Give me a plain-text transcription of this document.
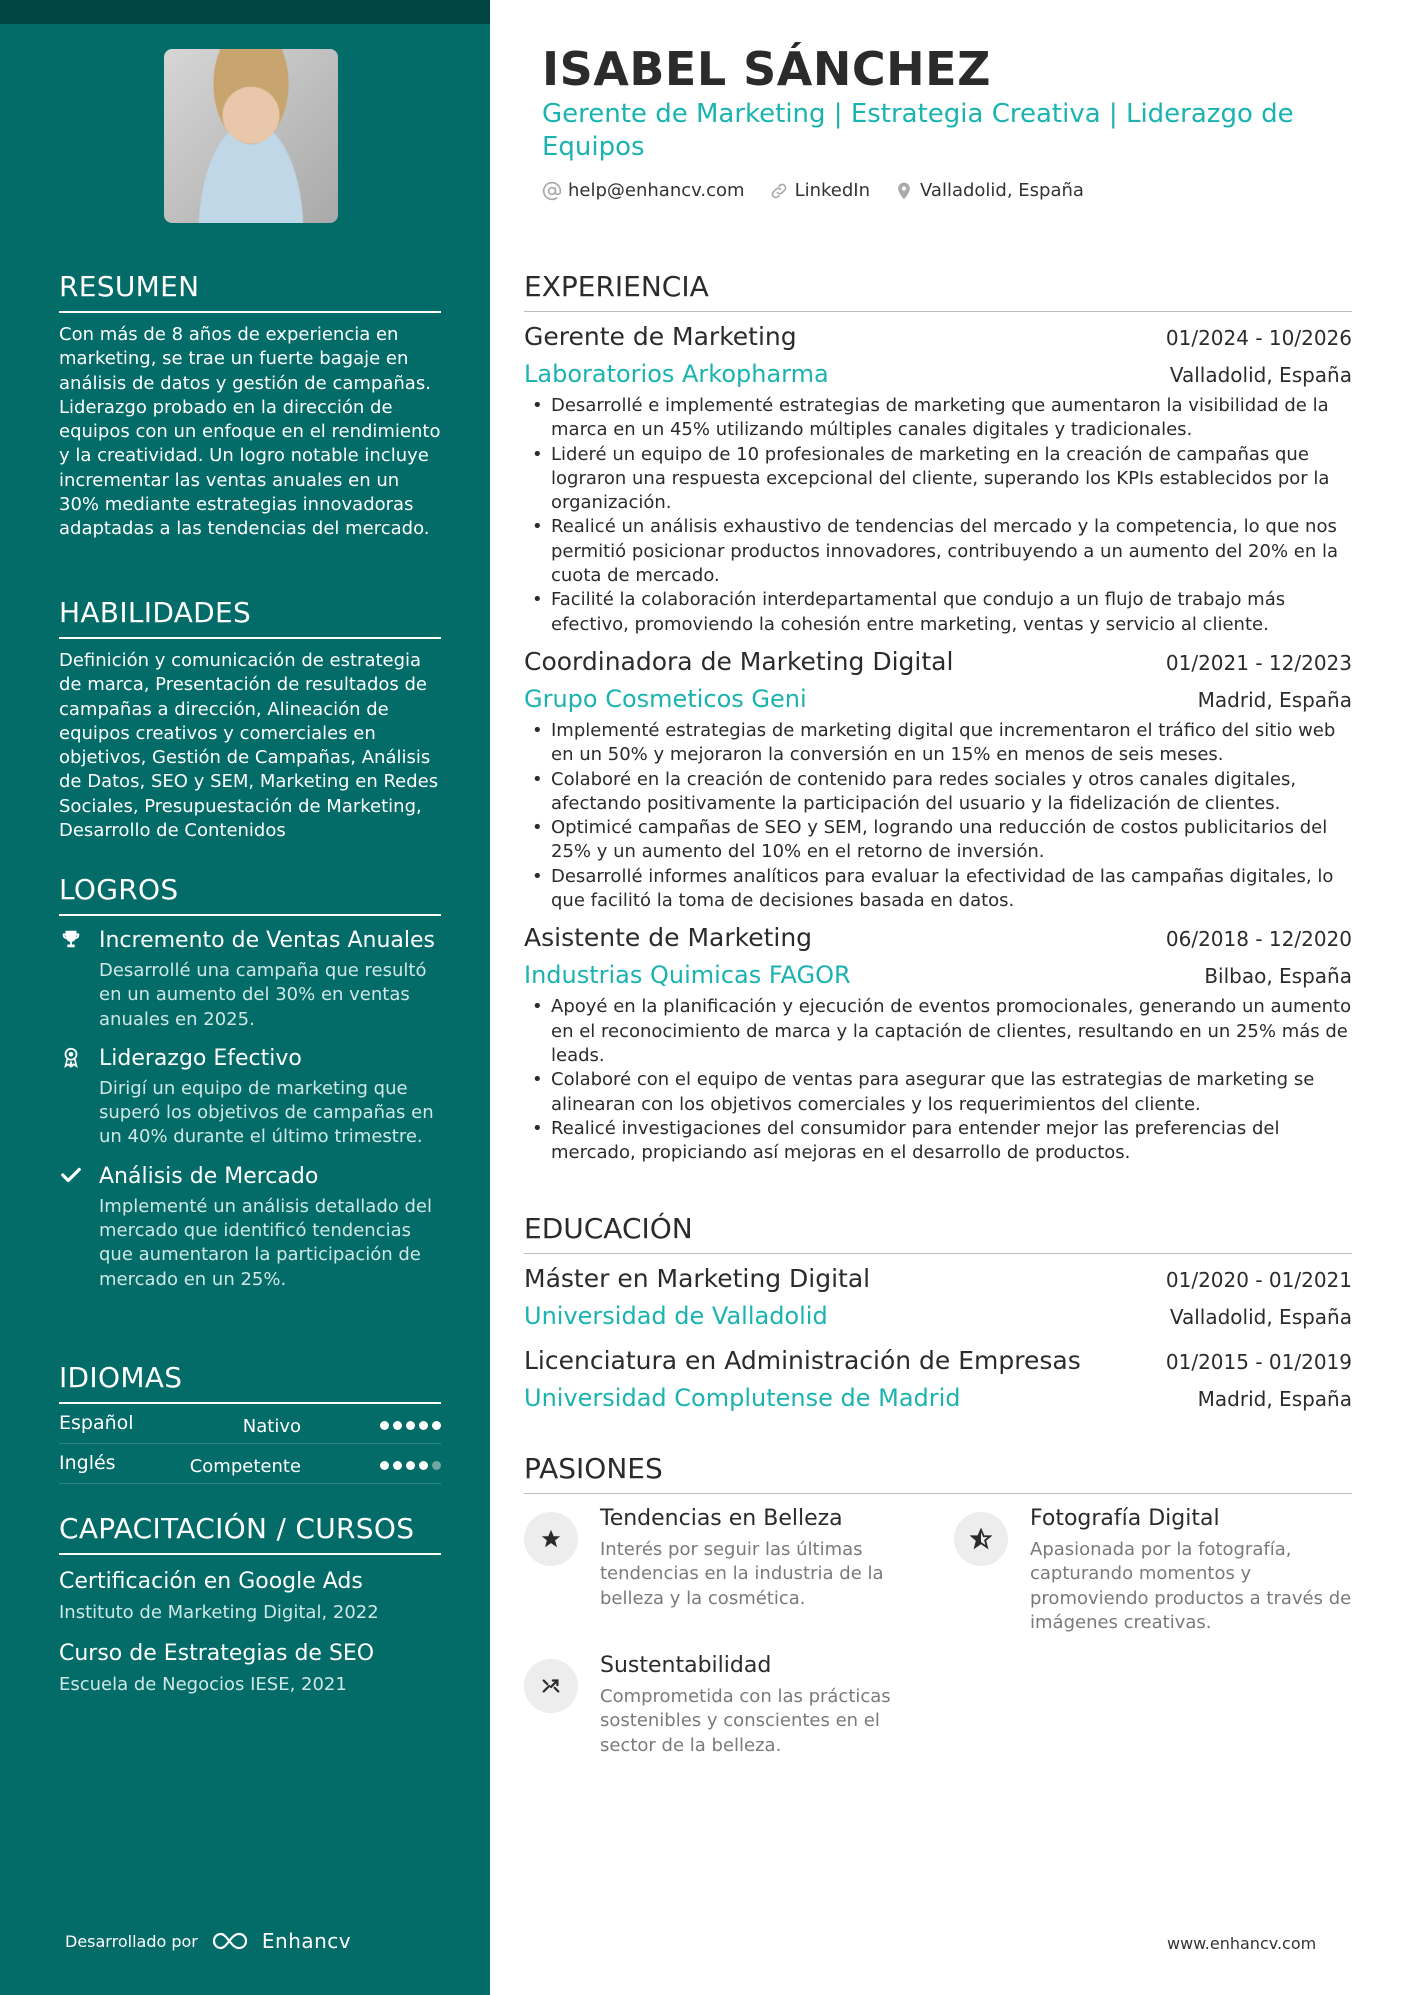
RESUMEN
Con más de 8 años de experiencia en marketing, se trae un fuerte bagaje en análisis de datos y gestión de campañas. Liderazgo probado en la dirección de equipos con un enfoque en el rendimiento y la creatividad. Un logro notable incluye incrementar las ventas anuales en un 30% mediante estrategias innovadoras adaptadas a las tendencias del mercado.
HABILIDADES
Definición y comunicación de estrategia de marca, Presentación de resultados de campañas a dirección, Alineación de equipos creativos y comerciales en objetivos, Gestión de Campañas, Análisis de Datos, SEO y SEM, Marketing en Redes Sociales, Presupuestación de Marketing, Desarrollo de Contenidos
LOGROS
Incremento de Ventas Anuales
Desarrollé una campaña que resultó en un aumento del 30% en ventas anuales en 2025.
Liderazgo Efectivo
Dirigí un equipo de marketing que superó los objetivos de campañas en un 40% durante el último trimestre.
Análisis de Mercado
Implementé un análisis detallado del mercado que identificó tendencias que aumentaron la participación de mercado en un 25%.
IDIOMAS
Español	Nativo
Inglés	Competente
CAPACITACIÓN / CURSOS
Certificación en Google Ads
Instituto de Marketing Digital, 2022
Curso de Estrategias de SEO
Escuela de Negocios IESE, 2021
Desarrollado por	Enhancv
ISABEL SÁNCHEZ
Gerente de Marketing | Estrategia Creativa | Liderazgo de Equipos
help@enhancv.com	LinkedIn	Valladolid, España
EXPERIENCIA
Gerente de Marketing	01/2024 - 10/2026
Laboratorios Arkopharma	Valladolid, España
• Desarrollé e implementé estrategias de marketing que aumentaron la visibilidad de la marca en un 45% utilizando múltiples canales digitales y tradicionales.
• Lideré un equipo de 10 profesionales de marketing en la creación de campañas que lograron una respuesta excepcional del cliente, superando los KPIs establecidos por la organización.
• Realicé un análisis exhaustivo de tendencias del mercado y la competencia, lo que nos permitió posicionar productos innovadores, contribuyendo a un aumento del 20% en la cuota de mercado.
• Facilité la colaboración interdepartamental que condujo a un flujo de trabajo más efectivo, promoviendo la cohesión entre marketing, ventas y servicio al cliente.
Coordinadora de Marketing Digital	01/2021 - 12/2023
Grupo Cosmeticos Geni	Madrid, España
• Implementé estrategias de marketing digital que incrementaron el tráfico del sitio web en un 50% y mejoraron la conversión en un 15% en menos de seis meses.
• Colaboré en la creación de contenido para redes sociales y otros canales digitales, afectando positivamente la participación del usuario y la fidelización de clientes.
• Optimicé campañas de SEO y SEM, logrando una reducción de costos publicitarios del 25% y un aumento del 10% en el retorno de inversión.
• Desarrollé informes analíticos para evaluar la efectividad de las campañas digitales, lo que facilitó la toma de decisiones basada en datos.
Asistente de Marketing	06/2018 - 12/2020
Industrias Quimicas FAGOR	Bilbao, España
• Apoyé en la planificación y ejecución de eventos promocionales, generando un aumento en el reconocimiento de marca y la captación de clientes, resultando en un 25% más de leads.
• Colaboré con el equipo de ventas para asegurar que las estrategias de marketing se alinearan con los objetivos comerciales y los requerimientos del cliente.
• Realicé investigaciones del consumidor para entender mejor las preferencias del mercado, propiciando así mejoras en el desarrollo de productos.
EDUCACIÓN
Máster en Marketing Digital	01/2020 - 01/2021
Universidad de Valladolid	Valladolid, España
Licenciatura en Administración de Empresas	01/2015 - 01/2019
Universidad Complutense de Madrid	Madrid, España
PASIONES
Tendencias en Belleza
Interés por seguir las últimas tendencias en la industria de la belleza y la cosmética.
Fotografía Digital
Apasionada por la fotografía, capturando momentos y promoviendo productos a través de imágenes creativas.
Sustentabilidad
Comprometida con las prácticas sostenibles y conscientes en el sector de la belleza.
www.enhancv.com
